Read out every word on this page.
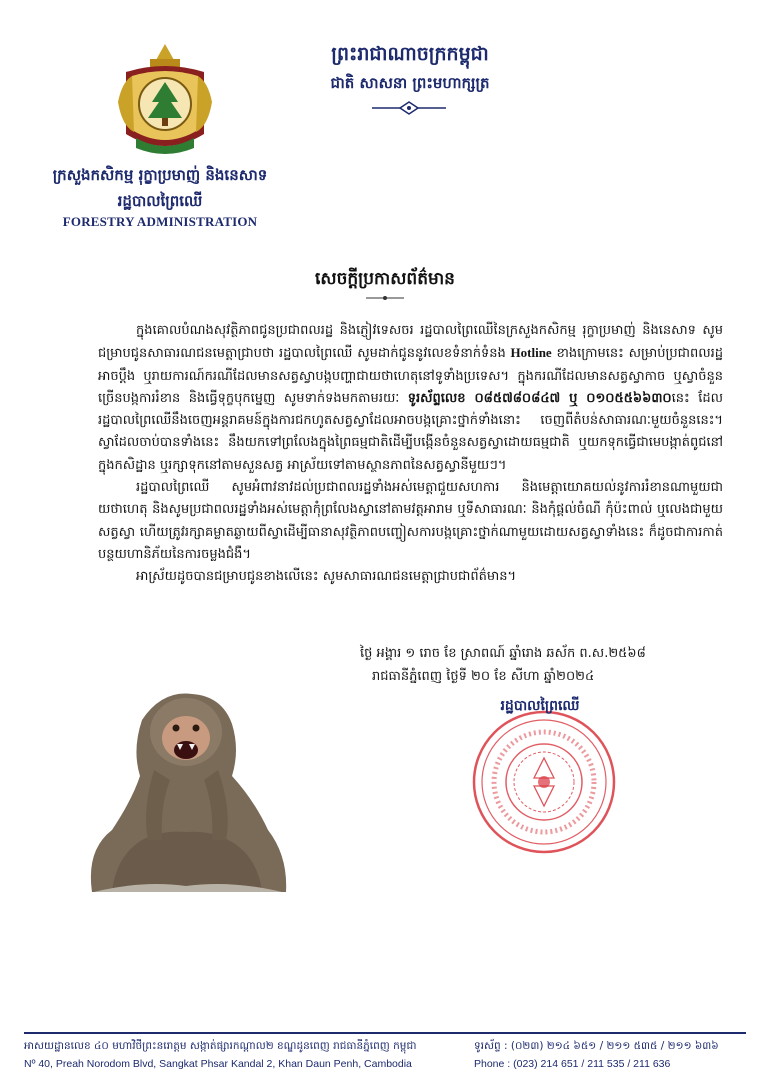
ក្រសួងកសិកម្ម រុក្ខាប្រមាញ់ និងនេសាទ
រដ្ឋបាលព្រៃឈើ
FORESTRY ADMINISTRATION
ព្រះរាជាណាចក្រកម្ពុជា
ជាតិ សាសនា ព្រះមហាក្សត្រ
សេចក្ដីប្រកាសព័ត៌មាន

ក្នុងគោលបំណងសុវត្ថិភាពជូនប្រជាពលរដ្ឋ និងភ្ញៀវទេសចរ រដ្ឋបាលព្រៃឈើនៃក្រសួងកសិកម្ម រុក្ខាប្រមាញ់ និងនេសាទ សូមជម្រាបជូនសាធារណជនមេត្តាជ្រាបថា រដ្ឋបាលព្រៃឈើ សូមដាក់ជូននូវលេខទំនាក់ទំនង Hotline ខាងក្រោមនេះ សម្រាប់ប្រជាពលរដ្ឋអាចប្ដឹង ឬរាយការណ៍ករណីដែលមានសត្វស្វាបង្កបញ្ហាជាយថាហេតុនៅទូទាំងប្រទេស។ ក្នុងករណីដែលមានសត្វស្វាកាច ឬស្វាចំនួនច្រើនបង្កការរំខាន និងធ្វើទុក្ខបុកម្នេញ សូមទាក់ទងមកតាមរយៈ ទូរស័ព្ទលេខ ០៨៥៧៨០៨៤៧ ឬ ០១០៥៥៦៦៣០នេះ ដែលរដ្ឋបាលព្រៃឈើនឹងចេញអន្តរាគមន៍ក្នុងការជកហូតសត្វស្វាដែលអាចបង្កគ្រោះថ្នាក់ទាំងនោះ ចេញពីតំបន់សាធារណៈមួយចំនួននេះ។ ស្វាដែលចាប់បានទាំងនេះ នឹងយកទៅព្រលែងក្នុងព្រៃធម្មជាតិដើម្បីបង្កើនចំនួនសត្វស្វាដោយធម្មជាតិ ឬយកទុកធ្វើជាមេបង្កាត់ពូជនៅក្នុងកសិដ្ឋាន ឬរក្សាទុកនៅតាមសួនសត្វ អាស្រ័យទៅតាមស្ថានភាពនៃសត្វស្វានីមួយៗ។

រដ្ឋបាលព្រៃឈើ សូមអំពាវនាវដល់ប្រជាពលរដ្ឋទាំងអស់មេត្តាជួយសហការ និងមេត្តាយោគយល់នូវការរំខានណាមួយជាយថាហេតុ និងសូមប្រជាពលរដ្ឋទាំងអស់មេត្តាកុំព្រលែងស្វានៅតាមវត្តអារាម ឬទីសាធារណៈ និងកុំផ្តល់ចំណី កុំប៉ះពាល់ ឬលេងជាមួយសត្វស្វា ហើយត្រូវរក្សាគម្លាតឆ្ងាយពីស្វាដើម្បីធានាសុវត្ថិភាពបញ្ចៀសការបង្កគ្រោះថ្នាក់ណាមួយដោយសត្វស្វាទាំងនេះ ក៏ដូចជាការកាត់បន្ថយហានិភ័យនៃការចម្លងជំងឺ។

អាស្រ័យដូចបានជម្រាបជូនខាងលើនេះ សូមសាធារណជនមេត្តាជ្រាបជាព័ត៌មាន។

ថ្ងៃ អង្គារ ១ រោច ខែ ស្រាពណ៍ ឆ្នាំរោង ឆស័ក ព.ស.២៥៦៨
រាជធានីភ្នំពេញ ថ្ងៃទី ២០ ខែ សីហា ឆ្នាំ២០២៤
រដ្ឋបាលព្រៃឈើ
អាសយដ្ឋានលេខ ៤០ មហាវិថីព្រះនរោត្តម សង្កាត់ផ្សារកណ្ដាល២ ខណ្ឌដូនពេញ រាជធានីភ្នំពេញ កម្ពុជា
Nº 40, Preah Norodom Blvd, Sangkat Phsar Kandal 2, Khan Daun Penh, Cambodia
ទូរស័ព្ទ : (០២៣) ២១៤ ៦៥១ / ២១១ ៥៣៥ / ២១១ ៦៣៦
Phone : (023) 214 651 / 211 535 / 211 636
